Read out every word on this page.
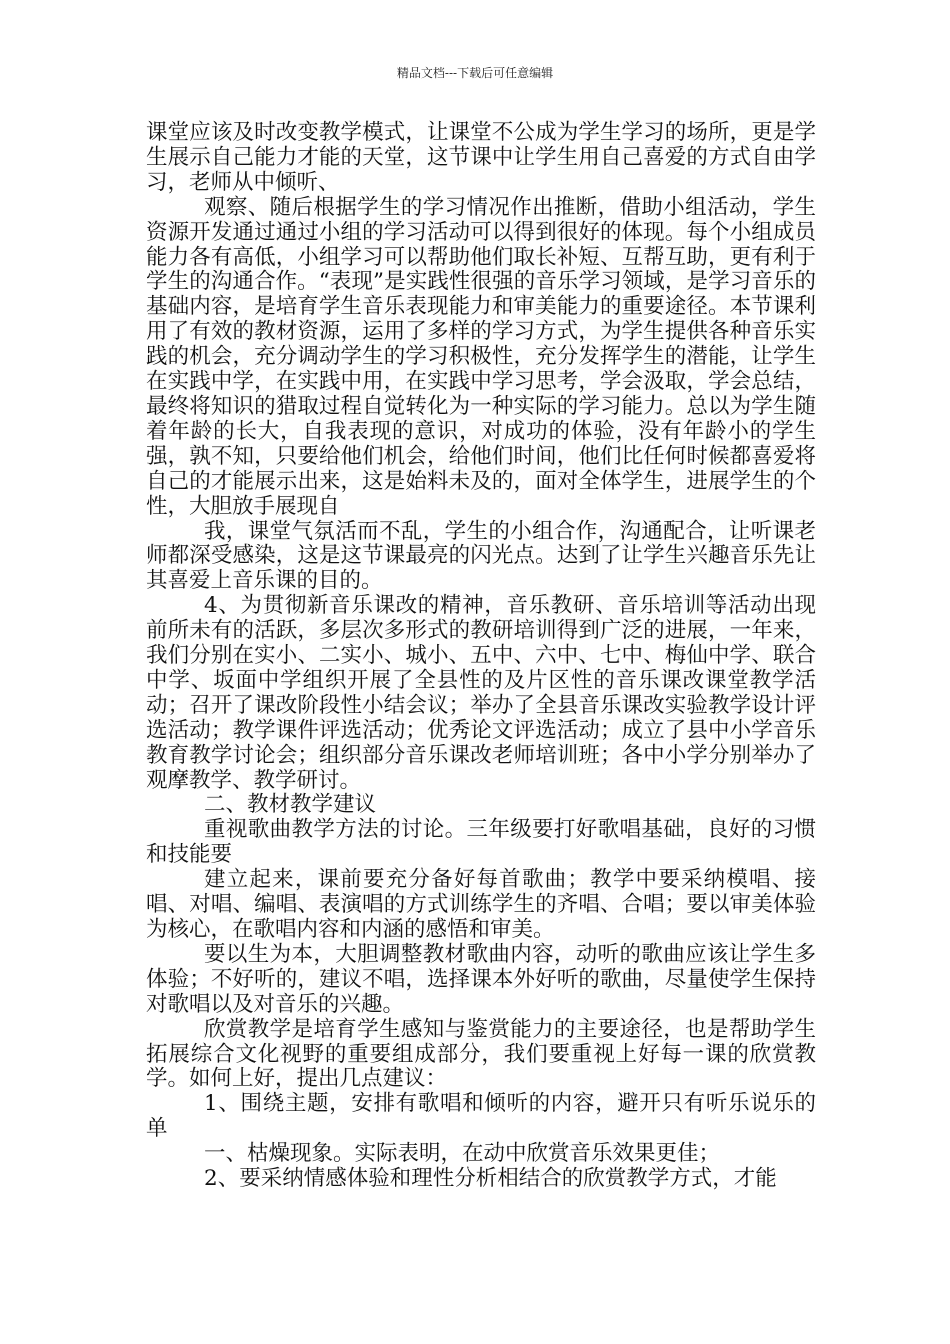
精品文档---下载后可任意编辑

课堂应该及时改变教学模式，让课堂不公成为学生学习的场所，更是学生展示自己能力才能的天堂，这节课中让学生用自己喜爱的方式自由学习，老师从中倾听、

观察、随后根据学生的学习情况作出推断，借助小组活动，学生资源开发通过通过小组的学习活动可以得到很好的体现。每个小组成员能力各有高低，小组学习可以帮助他们取长补短、互帮互助，更有利于学生的沟通合作。“表现”是实践性很强的音乐学习领域，是学习音乐的基础内容，是培育学生音乐表现能力和审美能力的重要途径。本节课利用了有效的教材资源，运用了多样的学习方式，为学生提供各种音乐实践的机会，充分调动学生的学习积极性，充分发挥学生的潜能，让学生在实践中学，在实践中用，在实践中学习思考，学会汲取，学会总结，最终将知识的猎取过程自觉转化为一种实际的学习能力。总以为学生随着年龄的长大，自我表现的意识，对成功的体验，没有年龄小的学生强，孰不知，只要给他们机会，给他们时间，他们比任何时候都喜爱将自己的才能展示出来，这是始料未及的，面对全体学生，进展学生的个性，大胆放手展现自

我，课堂气氛活而不乱，学生的小组合作，沟通配合，让听课老师都深受感染，这是这节课最亮的闪光点。达到了让学生兴趣音乐先让其喜爱上音乐课的目的。

4、为贯彻新音乐课改的精神，音乐教研、音乐培训等活动出现前所未有的活跃，多层次多形式的教研培训得到广泛的进展，一年来，我们分别在实小、二实小、城小、五中、六中、七中、梅仙中学、联合中学、坂面中学组织开展了全县性的及片区性的音乐课改课堂教学活动；召开了课改阶段性小结会议；举办了全县音乐课改实验教学设计评选活动；教学课件评选活动；优秀论文评选活动；成立了县中小学音乐教育教学讨论会；组织部分音乐课改老师培训班；各中小学分别举办了观摩教学、教学研讨。

二、教材教学建议

重视歌曲教学方法的讨论。三年级要打好歌唱基础，良好的习惯和技能要

建立起来，课前要充分备好每首歌曲；教学中要采纳模唱、接唱、对唱、编唱、表演唱的方式训练学生的齐唱、合唱；要以审美体验为核心，在歌唱内容和内涵的感悟和审美。

要以生为本，大胆调整教材歌曲内容，动听的歌曲应该让学生多体验；不好听的，建议不唱，选择课本外好听的歌曲，尽量使学生保持对歌唱以及对音乐的兴趣。

欣赏教学是培育学生感知与鉴赏能力的主要途径，也是帮助学生拓展综合文化视野的重要组成部分，我们要重视上好每一课的欣赏教学。如何上好，提出几点建议：

1、围绕主题，安排有歌唱和倾听的内容，避开只有听乐说乐的单

一、枯燥现象。实际表明，在动中欣赏音乐效果更佳；

2、要采纳情感体验和理性分析相结合的欣赏教学方式，才能
